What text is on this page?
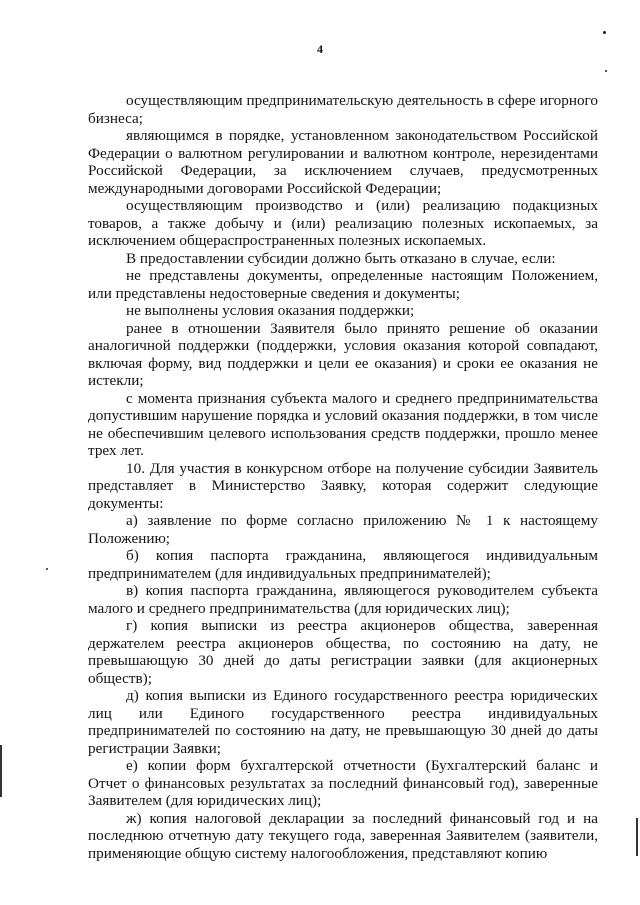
4

осуществляющим предпринимательскую деятельность в сфере игорного бизнеса;

являющимся в порядке, установленном законодательством Российской Федерации о валютном регулировании и валютном контроле, нерезидентами Российской Федерации, за исключением случаев, предусмотренных международными договорами Российской Федерации;

осуществляющим производство и (или) реализацию подакцизных товаров, а также добычу и (или) реализацию полезных ископаемых, за исключением общераспространенных полезных ископаемых.

В предоставлении субсидии должно быть отказано в случае, если:

не представлены документы, определенные настоящим Положением, или представлены недостоверные сведения и документы;

не выполнены условия оказания поддержки;

ранее в отношении Заявителя было принято решение об оказании аналогичной поддержки (поддержки, условия оказания которой совпадают, включая форму, вид поддержки и цели ее оказания) и сроки ее оказания не истекли;

с момента признания субъекта малого и среднего предпринимательства допустившим нарушение порядка и условий оказания поддержки, в том числе не обеспечившим целевого использования средств поддержки, прошло менее трех лет.

10. Для участия в конкурсном отборе на получение субсидии Заявитель представляет в Министерство Заявку, которая содержит следующие документы:

а) заявление по форме согласно приложению № 1 к настоящему Положению;

б) копия паспорта гражданина, являющегося индивидуальным предпринимателем (для индивидуальных предпринимателей);

в) копия паспорта гражданина, являющегося руководителем субъекта малого и среднего предпринимательства (для юридических лиц);

г) копия выписки из реестра акционеров общества, заверенная держателем реестра акционеров общества, по состоянию на дату, не превышающую 30 дней до даты регистрации заявки (для акционерных обществ);

д) копия выписки из Единого государственного реестра юридических лиц или Единого государственного реестра индивидуальных предпринимателей по состоянию на дату, не превышающую 30 дней до даты регистрации Заявки;

е) копии форм бухгалтерской отчетности (Бухгалтерский баланс и Отчет о финансовых результатах за последний финансовый год), заверенные Заявителем (для юридических лиц);

ж) копия налоговой декларации за последний финансовый год и на последнюю отчетную дату текущего года, заверенная Заявителем (заявители, применяющие общую систему налогообложения, представляют копию
